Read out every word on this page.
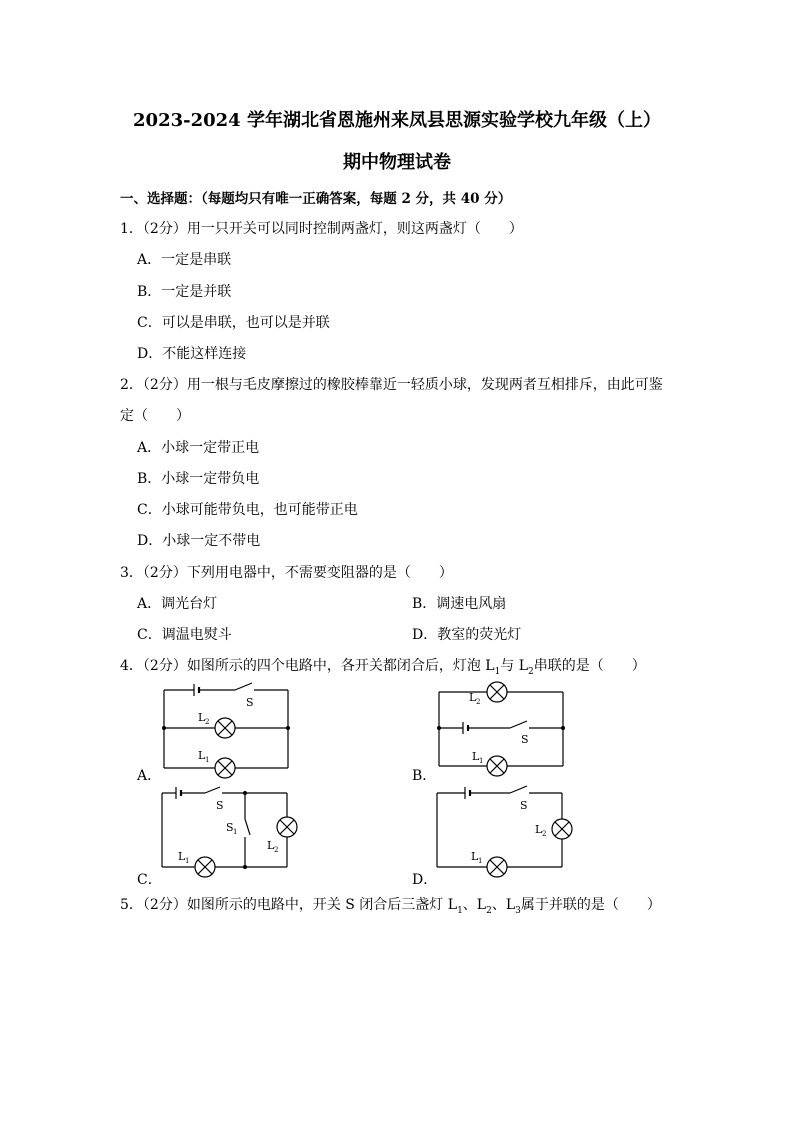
2023-2024 学年湖北省恩施州来凤县思源实验学校九年级（上）
期中物理试卷
一、选择题：（每题均只有唯一正确答案，每题 2 分，共 40 分）
1．（2分）用一只开关可以同时控制两盏灯，则这两盏灯（　　）
A．一定是串联
B．一定是并联
C．可以是串联，也可以是并联
D．不能这样连接
2．（2分）用一根与毛皮摩擦过的橡胶棒靠近一轻质小球，发现两者互相排斥，由此可鉴
定（　　）
A．小球一定带正电
B．小球一定带负电
C．小球可能带负电，也可能带正电
D．小球一定不带电
3．（2分）下列用电器中，不需要变阻器的是（　　）
A．调光台灯	B．调速电风扇
C．调温电熨斗	D．教室的荧光灯
4．（2分）如图所示的四个电路中，各开关都闭合后，灯泡 $L_1$与 $L_2$串联的是（　　）
A．
S
L 2
L 1
B．
L 2
S
L 1
C．
S
S 1
L 2
L 1
D．
S
L 2
L 1
5．（2分）如图所示的电路中，开关 S 闭合后三盏灯 $L_1$、$L_2$、$L_3$属于并联的是（　　）
